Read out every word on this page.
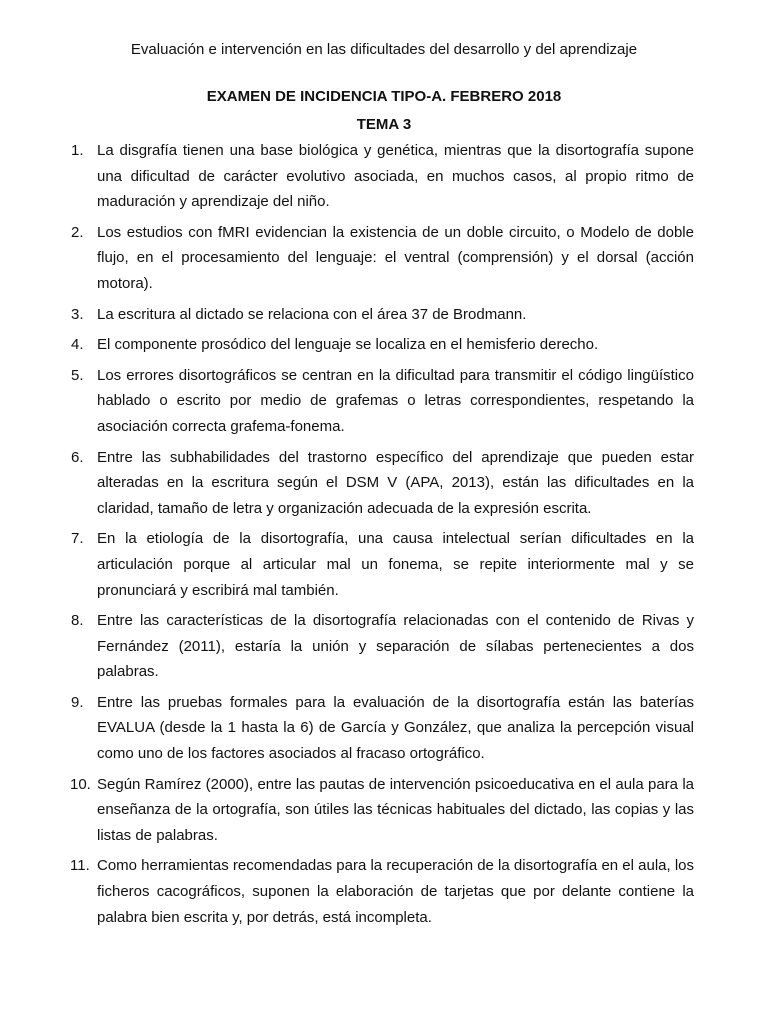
Evaluación e intervención en las dificultades del desarrollo y del aprendizaje
EXAMEN DE INCIDENCIA TIPO-A. FEBRERO 2018
TEMA 3
1. La disgrafía tienen una base biológica y genética, mientras que la disortografía supone una dificultad de carácter evolutivo asociada, en muchos casos, al propio ritmo de maduración y aprendizaje del niño.
2. Los estudios con fMRI evidencian la existencia de un doble circuito, o Modelo de doble flujo, en el procesamiento del lenguaje: el ventral (comprensión) y el dorsal (acción motora).
3. La escritura al dictado se relaciona con el área 37 de Brodmann.
4. El componente prosódico del lenguaje se localiza en el hemisferio derecho.
5. Los errores disortográficos se centran en la dificultad para transmitir el código lingüístico hablado o escrito por medio de grafemas o letras correspondientes, respetando la asociación correcta grafema-fonema.
6. Entre las subhabilidades del trastorno específico del aprendizaje que pueden estar alteradas en la escritura según el DSM V (APA, 2013), están las dificultades en la claridad, tamaño de letra y organización adecuada de la expresión escrita.
7. En la etiología de la disortografía, una causa intelectual serían dificultades en la articulación porque al articular mal un fonema, se repite interiormente mal y se pronunciará y escribirá mal también.
8. Entre las características de la disortografía relacionadas con el contenido de Rivas y Fernández (2011), estaría la unión y separación de sílabas pertenecientes a dos palabras.
9. Entre las pruebas formales para la evaluación de la disortografía están las baterías EVALUA (desde la 1 hasta la 6) de García y González, que analiza la percepción visual como uno de los factores asociados al fracaso ortográfico.
10. Según Ramírez (2000), entre las pautas de intervención psicoeducativa en el aula para la enseñanza de la ortografía, son útiles las técnicas habituales del dictado, las copias y las listas de palabras.
11. Como herramientas recomendadas para la recuperación de la disortografía en el aula, los ficheros cacográficos, suponen la elaboración de tarjetas que por delante contiene la palabra bien escrita y, por detrás, está incompleta.
